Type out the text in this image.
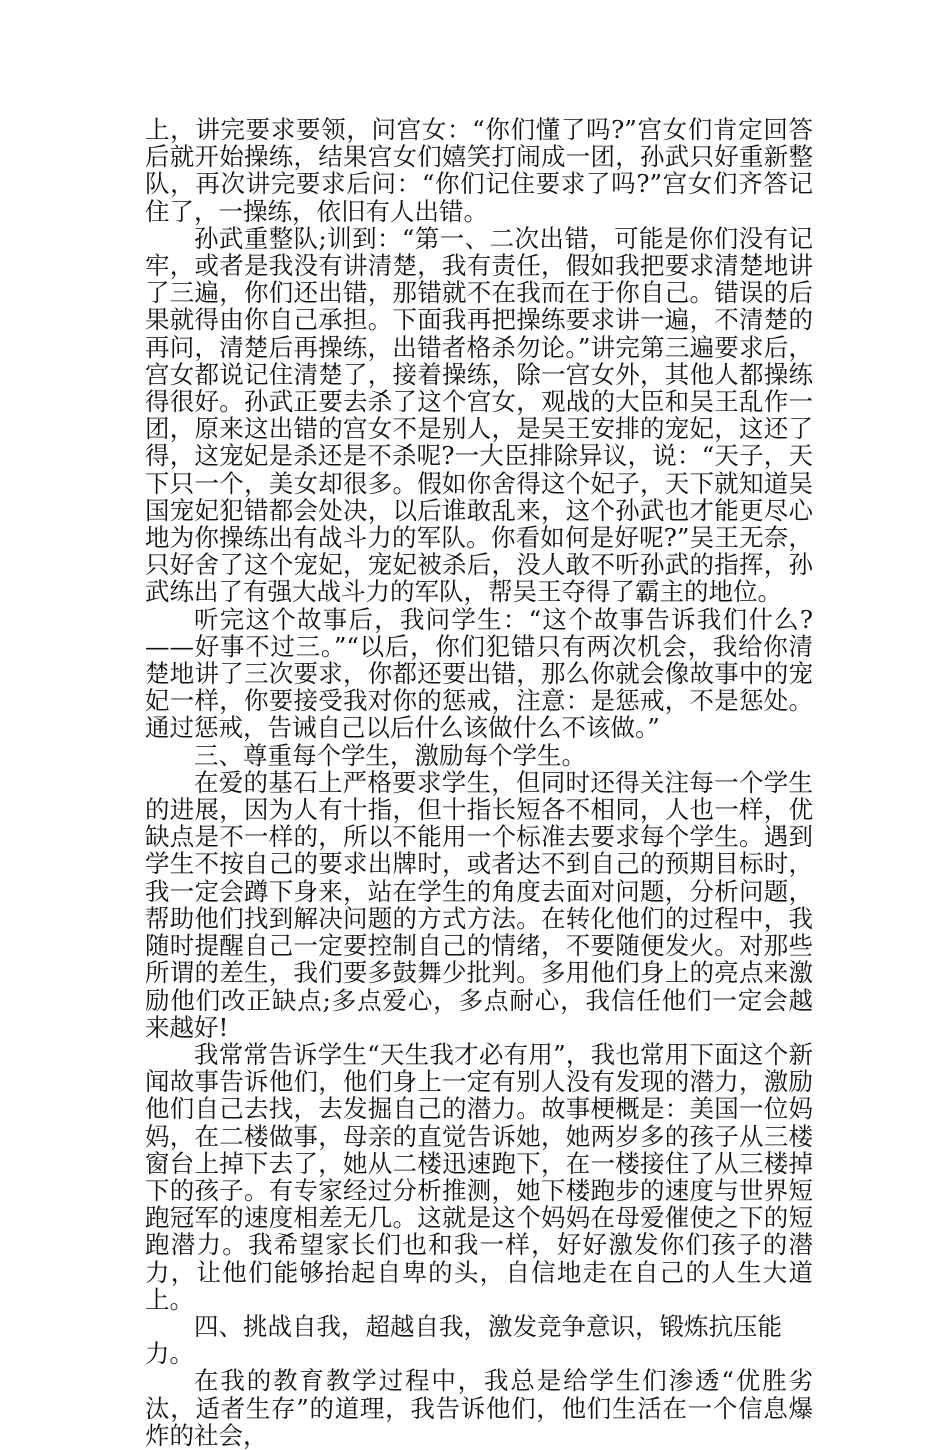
上，讲完要求要领，问宫女：“你们懂了吗?”宫女们肯定回答后就开始操练，结果宫女们嬉笑打闹成一团，孙武只好重新整队，再次讲完要求后问：“你们记住要求了吗?”宫女们齐答记住了，一操练，依旧有人出错。

孙武重整队;训到：“第一、二次出错，可能是你们没有记牢，或者是我没有讲清楚，我有责任，假如我把要求清楚地讲了三遍，你们还出错，那错就不在我而在于你自己。错误的后果就得由你自己承担。下面我再把操练要求讲一遍，不清楚的再问，清楚后再操练，出错者格杀勿论。”讲完第三遍要求后，宫女都说记住清楚了，接着操练，除一宫女外，其他人都操练得很好。孙武正要去杀了这个宫女，观战的大臣和吴王乱作一团，原来这出错的宫女不是别人，是吴王安排的宠妃，这还了得，这宠妃是杀还是不杀呢?一大臣排除异议，说：“天子，天下只一个，美女却很多。假如你舍得这个妃子，天下就知道吴国宠妃犯错都会处决，以后谁敢乱来，这个孙武也才能更尽心地为你操练出有战斗力的军队。你看如何是好呢?”吴王无奈，只好舍了这个宠妃，宠妃被杀后，没人敢不听孙武的指挥，孙武练出了有强大战斗力的军队，帮吴王夺得了霸主的地位。

听完这个故事后，我问学生：“这个故事告诉我们什么?——好事不过三。”“以后，你们犯错只有两次机会，我给你清楚地讲了三次要求，你都还要出错，那么你就会像故事中的宠妃一样，你要接受我对你的惩戒，注意：是惩戒，不是惩处。通过惩戒，告诫自己以后什么该做什么不该做。”

三、尊重每个学生，激励每个学生。

在爱的基石上严格要求学生，但同时还得关注每一个学生的进展，因为人有十指，但十指长短各不相同，人也一样，优缺点是不一样的，所以不能用一个标准去要求每个学生。遇到学生不按自己的要求出牌时，或者达不到自己的预期目标时，我一定会蹲下身来，站在学生的角度去面对问题，分析问题，帮助他们找到解决问题的方式方法。在转化他们的过程中，我随时提醒自己一定要控制自己的情绪，不要随便发火。对那些所谓的差生，我们要多鼓舞少批判。多用他们身上的亮点来激励他们改正缺点;多点爱心，多点耐心，我信任他们一定会越来越好!

我常常告诉学生“天生我才必有用”，我也常用下面这个新闻故事告诉他们，他们身上一定有别人没有发现的潜力，激励他们自己去找，去发掘自己的潜力。故事梗概是：美国一位妈妈，在二楼做事，母亲的直觉告诉她，她两岁多的孩子从三楼窗台上掉下去了，她从二楼迅速跑下，在一楼接住了从三楼掉下的孩子。有专家经过分析推测，她下楼跑步的速度与世界短跑冠军的速度相差无几。这就是这个妈妈在母爱催使之下的短跑潜力。我希望家长们也和我一样，好好激发你们孩子的潜力，让他们能够抬起自卑的头，自信地走在自己的人生大道上。

四、挑战自我，超越自我，激发竞争意识，锻炼抗压能力。

在我的教育教学过程中，我总是给学生们渗透“优胜劣汰，适者生存”的道理，我告诉他们，他们生活在一个信息爆炸的社会，
